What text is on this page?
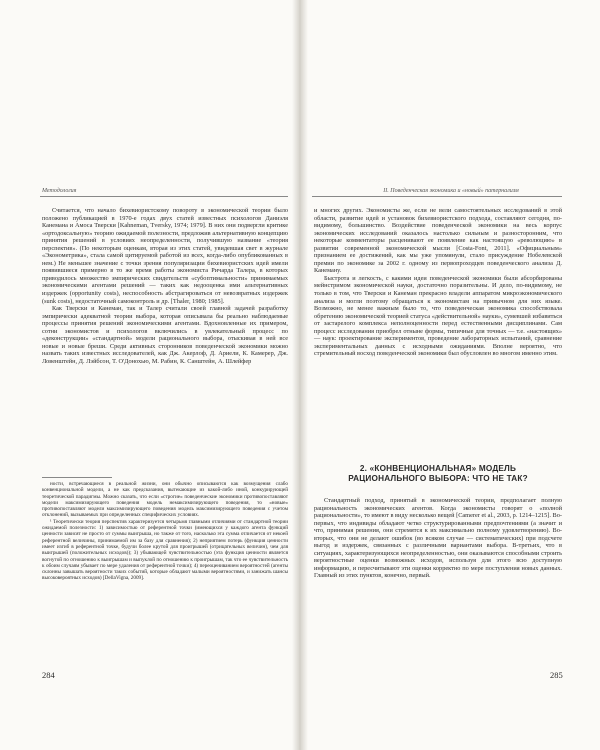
Методология

Считается, что начало бихевиористскому повороту в экономической теории было положено публикацией в 1970-е годах двух статей известных психологов Даниэля Канемана и Амоса Тверски [Kahneman, Tversky, 1974; 1979]. В них они подвергли критике «ортодоксальную» теорию ожидаемой полезности, предложив альтернативную концепцию принятия решений в условиях неопределенности, получившую название «теория перспектив». (По некоторым оценкам, вторая из этих статей, увидевшая свет в журнале «Эконометрика», стала самой цитируемой работой из всех, когда-либо опубликованных в нем.) Не меньшее значение с точки зрения популяризации бихевиористских идей имели появившиеся примерно в то же время работы экономиста Ричарда Талера, в которых приводилось множество эмпирических свидетельств «субоптимальности» принимаемых экономическими агентами решений — таких как недооценка ими альтернативных издержек (opportunity costs), неспособность абстрагироваться от невозвратных издержек (sunk costs), недостаточный самоконтроль и др. [Thaler, 1980; 1985].

Как Тверски и Канеман, так и Талер считали своей главной задачей разработку эмпирически адекватной теории выбора, которая описывала бы реально наблюдаемые процессы принятия решений экономическими агентами. Вдохновленные их примером, сотни экономистов и психологов включились в увлекательный процесс по «деконструкции» «стандартной» модели рационального выбора, отыскивая в ней все новые и новые бреши. Среди активных сторонников поведенческой экономики можно назвать таких известных исследователей, как Дж. Акерлоф, Д. Ариели, К. Камерер, Дж. Ловенштейн, Д. Лэйбсон, Т. О'Донохью, М. Рабин, К. Санштейн, А. Шлейфер

ности, встречающиеся в реальной жизни, они обычно описываются как возмущения слабо конвенциональной модели, а не как предсказания, вытекающие из какой-либо иной, конкурирующей теоретической парадигмы. Можно сказать, что если «строгие» поведенческие экономики противопоставляют модели максимизирующего поведения модель немаксимизирующего поведения, то «новые» противопоставляют модели максимизирующего поведения модель максимизирующего поведения с учетом отклонений, вызываемых при определенных специфических условиях.

¹ Теоретически теория перспектив характеризуется четырьмя главными отличиями от стандартной теории ожидаемой полезности: 1) зависимостью от референтной точки (имеющихся у каждого агента функций ценности зависят не просто от суммы выигрыша, но также от того, насколько эта сумма отличается от некоей референтной величины, принимаемой им за базу для сравнения); 2) неприятием потерь (функция ценности имеет изгиб в референтной точке, будучи более крутой для проигрышей (отрицательных величин), чем для выигрышей (положительных исходов)); 3) убывающей чувствительностью (эта функция ценности является вогнутой по отношению к выигрышам и выпуклой по отношению к проигрышам, так что ее чувствительность к обоим случаям убывает по мере удаления от референтной точки); 4) переоцениванием вероятностей (агенты склонны завышать вероятности таких событий, которые обладают малыми вероятностями, и занижать шансы высоковероятных исходов) [DellaVigna, 2009].

284
II. Поведенческая экономика и «новый» патернализм

и многих других. Экономисты же, если не вели самостоятельных исследований в этой области, развитие идей и установок бихевиористского подхода, составляют сегодня, по-видимому, большинство. Воздействие поведенческой экономики на весь корпус экономических исследований оказалось настолько сильным и разносторонним, что некоторые комментаторы расценивают ее появление как настоящую «революцию» в развитии современной экономической мысли [Costa-Font, 2011]. «Официальным» признанием ее достижений, как мы уже упомянули, стало присуждение Нобелевской премии по экономике за 2002 г. одному из первопроходцев поведенческого анализа Д. Канеману.

Быстрота и легкость, с какими идеи поведенческой экономики были абсорбированы мейнстримом экономической науки, достаточно поразительны. И дело, по-видимому, не только в том, что Тверски и Канеман прекрасно владели аппаратом микроэкономического анализа и могли поэтому обращаться к экономистам на привычном для них языке. Возможно, не менее важным было то, что поведенческая экономика способствовала обретению экономической теорией статуса «действительной» науки», сумевшей избавиться от застарелого комплекса неполноценности перед естественными дисциплинами. Сам процесс исследования приобрел отныне формы, типичные для точных — т.е. «настоящих» — наук: проектирование экспериментов, проведение лабораторных испытаний, сравнение экспериментальных данных с исходными ожиданиями. Вполне вероятно, что стремительный восход поведенческой экономики был обусловлен во многом именно этим.

2. «КОНВЕНЦИОНАЛЬНАЯ» МОДЕЛЬ РАЦИОНАЛЬНОГО ВЫБОРА: ЧТО НЕ ТАК?

Стандартный подход, принятый в экономической теории, предполагает полную рациональность экономических агентов. Когда экономисты говорят о «полной рациональности», то имеют в виду несколько вещей [Camerer et al., 2003, р. 1214–1215]. Во-первых, что индивиды обладают четко структурированными предпочтениями (а значит и что, принимая решения, они стремятся к их максимально полному удовлетворению). Во-вторых, что они не делают ошибок (во всяком случае — систематических) при подсчете выгод и издержек, связанных с различными вариантами выбора. В-третьих, что в ситуациях, характеризующихся неопределенностью, они оказываются способными строить вероятностные оценки возможных исходов, используя для этого всю доступную информацию, и пересчитывают эти оценки корректно по мере поступления новых данных. Главный из этих пунктов, конечно, первый.

285
